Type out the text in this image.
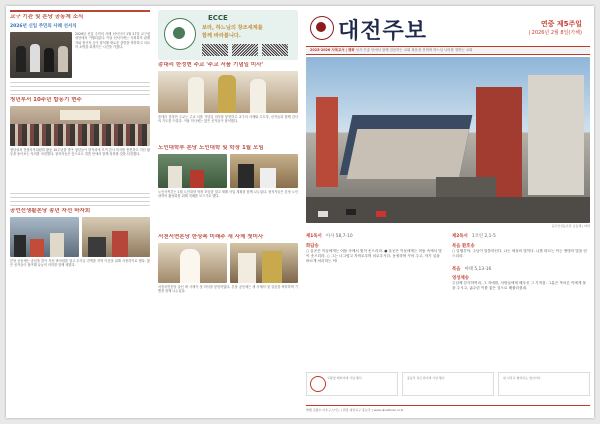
교구 기관 및 본당 공동체 소식
2026년 신입 주민의 사례 선서식
2026년 신입 주민의 사례 선서식이 1월 27일 교구청 성당에서 거행되었다. 이날 선서식에는 사회복지 관계자와 봉사자 등이 참석해 새로운 출발을 축하하고 서로의 소명을 되새기는 시간을 가졌다.
청년부서 10주년 합동기 현주
청년성서 전담사목위원회 활동 10주년을 맞아 청년들이 한자리에 모여 감사 미사를 봉헌하고 지난 활동을 돌아보는 자리를 마련했다. 참석자들은 앞으로도 말씀 안에서 함께 성장할 것을 다짐했다.
공언선생활본당 송년 자선 바자회
본당 공동체는 송년을 맞아 자선 바자회를 열고 수익금 전액을 지역 이웃을 위해 사용하기로 했다. 많은 신자들이 참여해 나눔의 의미를 함께 새겼다.
ECCE
보라, 하느님의 창조세계를
함께 바라봅니다.
총대리 한정현 주교 '주교 서품 기념일 미사'
총대리 한정현 주교는 주교 서품 기념일 미사를 봉헌하고 교구의 사제와 수도자, 신자들과 함께 감사의 기도를 드렸다. 이날 미사에는 많은 신자들이 참석했다.
노인대학부 본당 노인대학 및 학장 1월 모임
노인사목부는 1월 노인대학 학장 모임을 열고 새해 사업 계획을 함께 나누었다. 참석자들은 본당 노인대학의 활성화를 위해 지혜를 모으기로 했다.
서천서면본당 한상복 미래주 새 사제 첫미사
서천서면본당 출신 새 사제가 첫 미사를 봉헌하였다. 본당 공동체는 새 사제의 첫 걸음을 축하하며 기쁨을 함께 나누었다.
대전주보	연중 제5주일
| 2026년 2월 8일(가해)
2025-2026 사목교서 | 평화 성사 은총 안에서 함께 걸음하는 교회 복음을 전하며 하느님 나라를 향하는 교회
공주산성동본당 공동체 | 바라
제1독서 이사 58,7-10
화답송
○ 올곧은 이들에게는 어둠 속에서 빛이 솟으리라. ● 올곧은 이들에게는 어둠 속에서 빛이 솟으리라. ○ 그는 너그럽고 자비로우며 의로우시다. 동정하며 꾸어 주고, 자기 일을 바르게 처리하는 이!
제2독서 1코린 2,1-5
복음 환호송
○ 알렐루야. 주님이 말씀하신다. 나는 세상의 빛이다. 나를 따르는 이는 생명의 빛을 얻으리라.
복음 마태 5,13-16
영성체송
주님께 감사하여라, 그 자애를, 사람들에게 베푸신 그 기적을. 그분은 목마른 이에게 물을 주시고, 굶주린 이를 좋은 것으로 배불리셨네.
교황청 배터미래 기념 행사	중동부 하트리미래 기념 행사	새 사목교 협력하는 청년미사
발행 김종수 아우구스티노 | 편집 대전교구 홍보국 | www.djcatholic.or.kr
